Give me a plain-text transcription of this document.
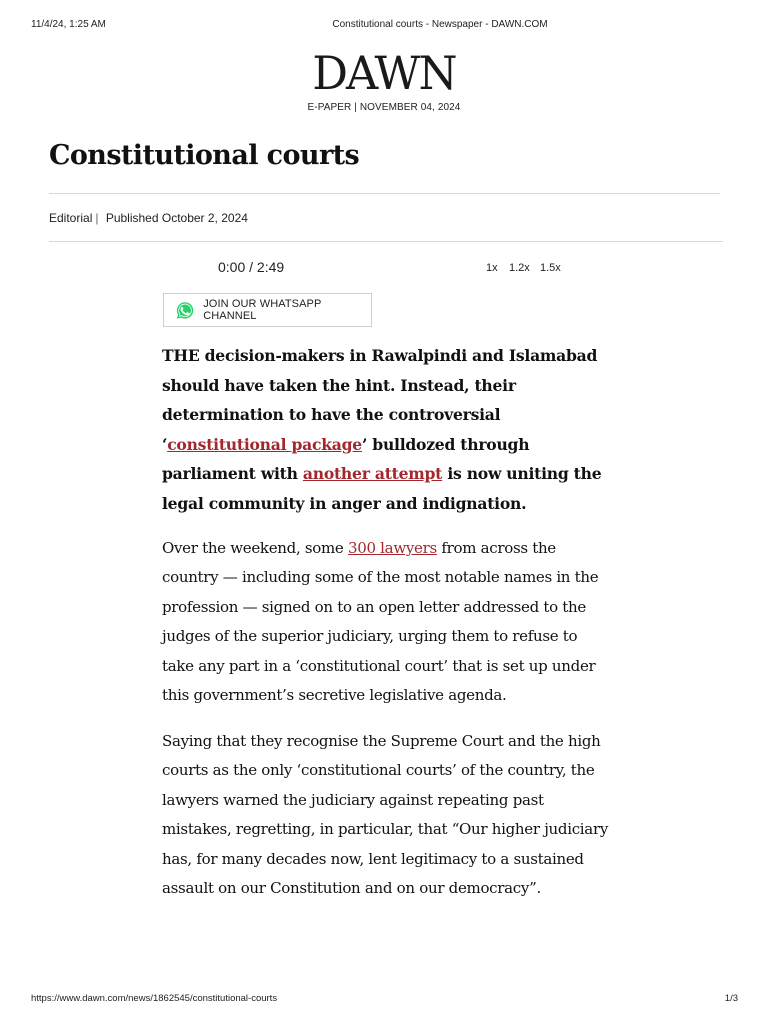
11/4/24, 1:25 AM	Constitutional courts - Newspaper - DAWN.COM
DAWN
E-PAPER | NOVEMBER 04, 2024
Constitutional courts
Editorial | Published October 2, 2024
0:00 / 2:49	1x 1.2x 1.5x
JOIN OUR WHATSAPP CHANNEL

THE decision-makers in Rawalpindi and Islamabad should have taken the hint. Instead, their determination to have the controversial ‘constitutional package’ bulldozed through parliament with another attempt is now uniting the legal community in anger and indignation.

Over the weekend, some 300 lawyers from across the country — including some of the most notable names in the profession — signed on to an open letter addressed to the judges of the superior judiciary, urging them to refuse to take any part in a ‘constitutional court’ that is set up under this government’s secretive legislative agenda.

Saying that they recognise the Supreme Court and the high courts as the only ‘constitutional courts’ of the country, the lawyers warned the judiciary against repeating past mistakes, regretting, in particular, that “Our higher judiciary has, for many decades now, lent legitimacy to a sustained assault on our Constitution and on our democracy”.

https://www.dawn.com/news/1862545/constitutional-courts	1/3
